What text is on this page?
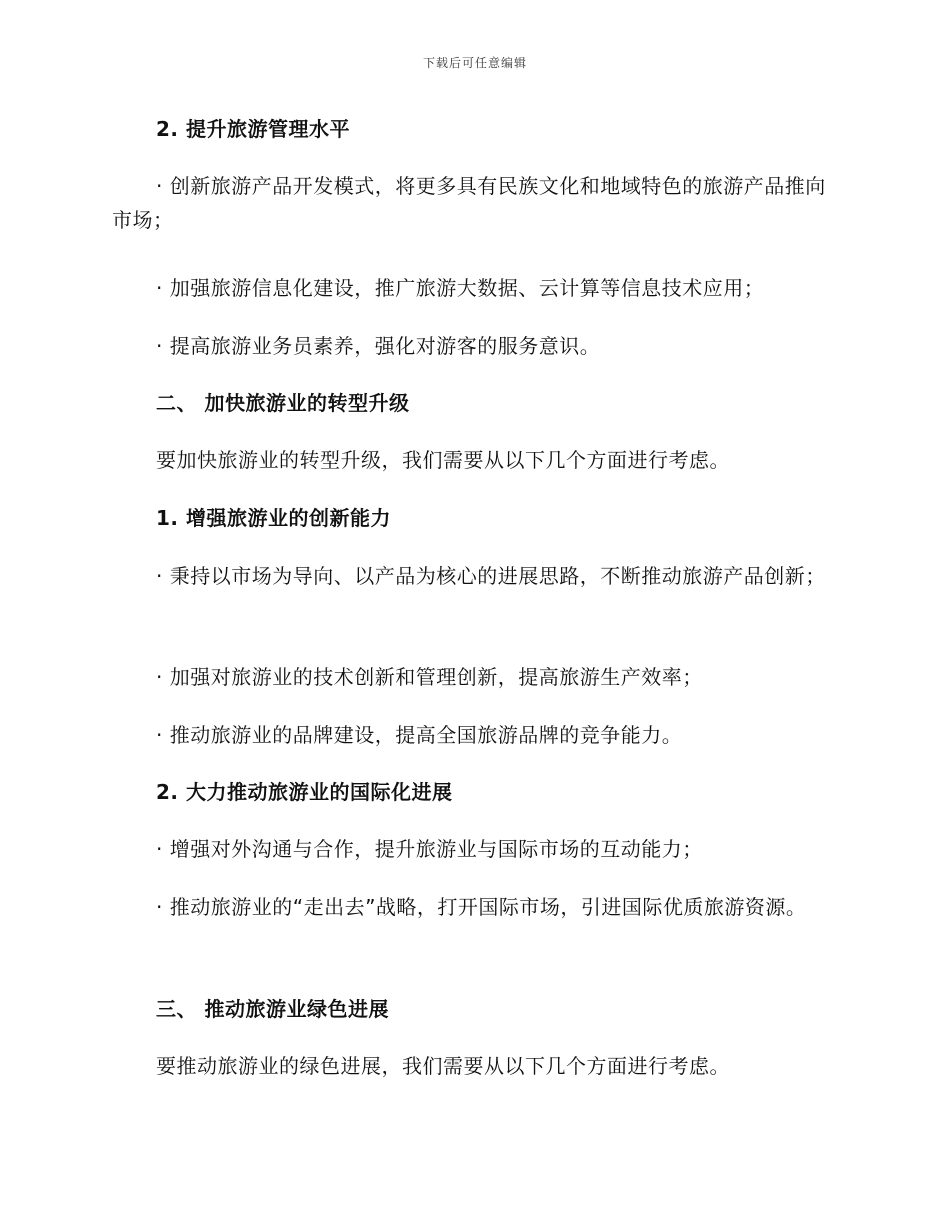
下载后可任意编辑
2. 提升旅游管理水平
· 创新旅游产品开发模式，将更多具有民族文化和地域特色的旅游产品推向市场；
· 加强旅游信息化建设，推广旅游大数据、云计算等信息技术应用；
· 提高旅游业务员素养，强化对游客的服务意识。
二、 加快旅游业的转型升级
要加快旅游业的转型升级，我们需要从以下几个方面进行考虑。
1. 增强旅游业的创新能力
· 秉持以市场为导向、以产品为核心的进展思路，不断推动旅游产品创新；
· 加强对旅游业的技术创新和管理创新，提高旅游生产效率；
· 推动旅游业的品牌建设，提高全国旅游品牌的竞争能力。
2. 大力推动旅游业的国际化进展
· 增强对外沟通与合作，提升旅游业与国际市场的互动能力；
· 推动旅游业的“走出去”战略，打开国际市场，引进国际优质旅游资源。
三、 推动旅游业绿色进展
要推动旅游业的绿色进展，我们需要从以下几个方面进行考虑。
